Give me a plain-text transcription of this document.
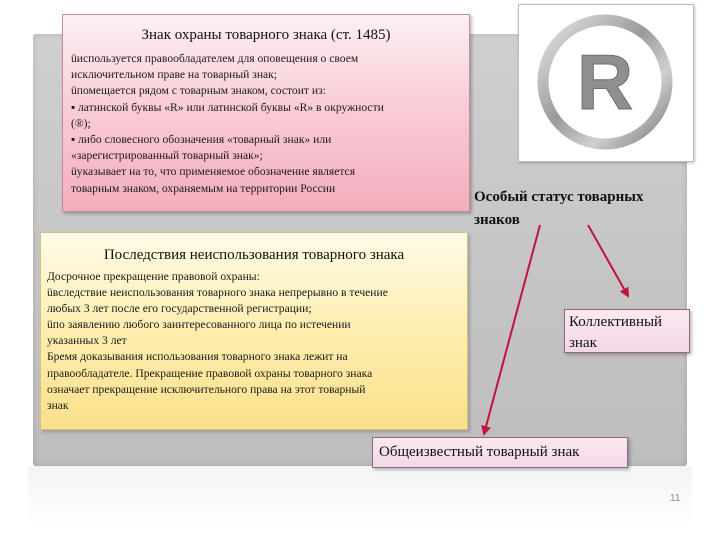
Знак охраны товарного знака (ст. 1485)
üиспользуется правообладателем для оповещения о своем
исключительном праве на товарный знак;
üпомещается рядом с товарным знаком, состоит из:
▪ латинской буквы «R» или латинской буквы «R» в окружности
(®);
▪ либо словесного обозначения «товарный знак» или
«зарегистрированный товарный знак»;
üуказывает на то, что применяемое обозначение является
товарным знаком, охраняемым на территории России
R
Особый статус товарных
знаков
Последствия неиспользования товарного знака
Досрочное прекращение правовой охраны:
üвследствие неиспользования товарного знака непрерывно в течение
любых 3 лет после его государственной регистрации;
üпо заявлению любого заинтересованного лица по истечении
указанных 3 лет
Бремя доказывания использования товарного знака лежит на
правообладателе. Прекращение правовой охраны товарного знака
означает прекращение исключительного права на этот товарный
знак
Коллективный
знак
Общеизвестный товарный знак
11
